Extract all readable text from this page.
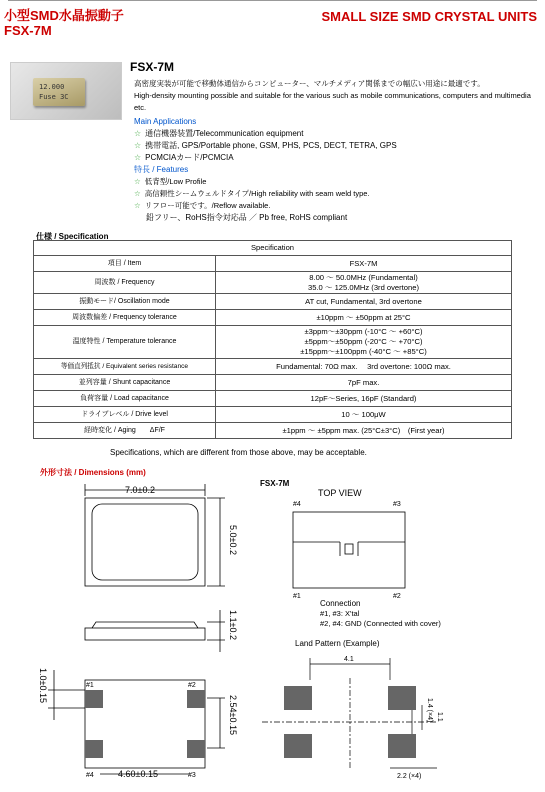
小型SMD水晶振動子
FSX-7M
SMALL SIZE SMD CRYSTAL UNITS
12.000
Fuse 3C
FSX-7M
高密度実装が可能で移動体通信からコンピューター、マルチメディア関係までの幅広い用途に最適です。
High-density mounting possible and suitable for the various such as mobile communications, computers and multimedia etc.
Main Applications
☆ 通信機器装置/Telecommunication equipment
☆ 携帯電話, GPS/Portable phone, GSM, PHS, PCS, DECT, TETRA, GPS
☆ PCMCIAカード/PCMCIA
特長 / Features
☆ 低背型/Low Profile
☆ 高信頼性シームウェルドタイプ/High reliability with seam weld type.
☆ リフロー可能です。/Reflow available.
鉛フリー、RoHS指令対応品 ／ Pb free, RoHS compliant
仕様 / Specification
Specification	
項目 / Item	FSX-7M
周波数 / Frequency	8.00 〜 50.0MHz (Fundamental)
35.0 〜 125.0MHz (3rd overtone)

振動モード/ Oscillation mode	AT cut, Fundamental, 3rd overtone
周波数偏差 / Frequency tolerance	±10ppm 〜 ±50ppm at 25°C
温度特性 / Temperature tolerance	±3ppm〜±30ppm (-10°C 〜 +60°C)
±5ppm〜±50ppm (-20°C 〜 +70°C)
±15ppm〜±100ppm (-40°C 〜 +85°C)

等価直列抵抗 / Equivalent series resistance	Fundamental: 70Ω max.　 3rd overtone: 100Ω max.
並列容量 / Shunt capacitance	7pF max.
負荷容量 / Load capacitance	12pF〜Series, 16pF (Standard)
ドライブレベル / Drive level	10 〜 100μW
経時変化 / Aging　　ΔF/F	±1ppm 〜 ±5ppm max. (25°C±3°C)　(First year)
Specifications, which are different from those above, may be acceptable.
外形寸法 / Dimensions (mm)
7.0±0.2
5.0±0.2
1.1±0.2
1.0±0.15
2.54±0.15
4.60±0.15
#1	#2
#3
#4
FSX-7M
TOP VIEW
#4	#3
#1	#2
Connection
#1, #3: X'tal
#2, #4: GND (Connected with cover)
Land Pattern (Example)
4.1
1.4 (×4) 1.1
2.2 (×4)
